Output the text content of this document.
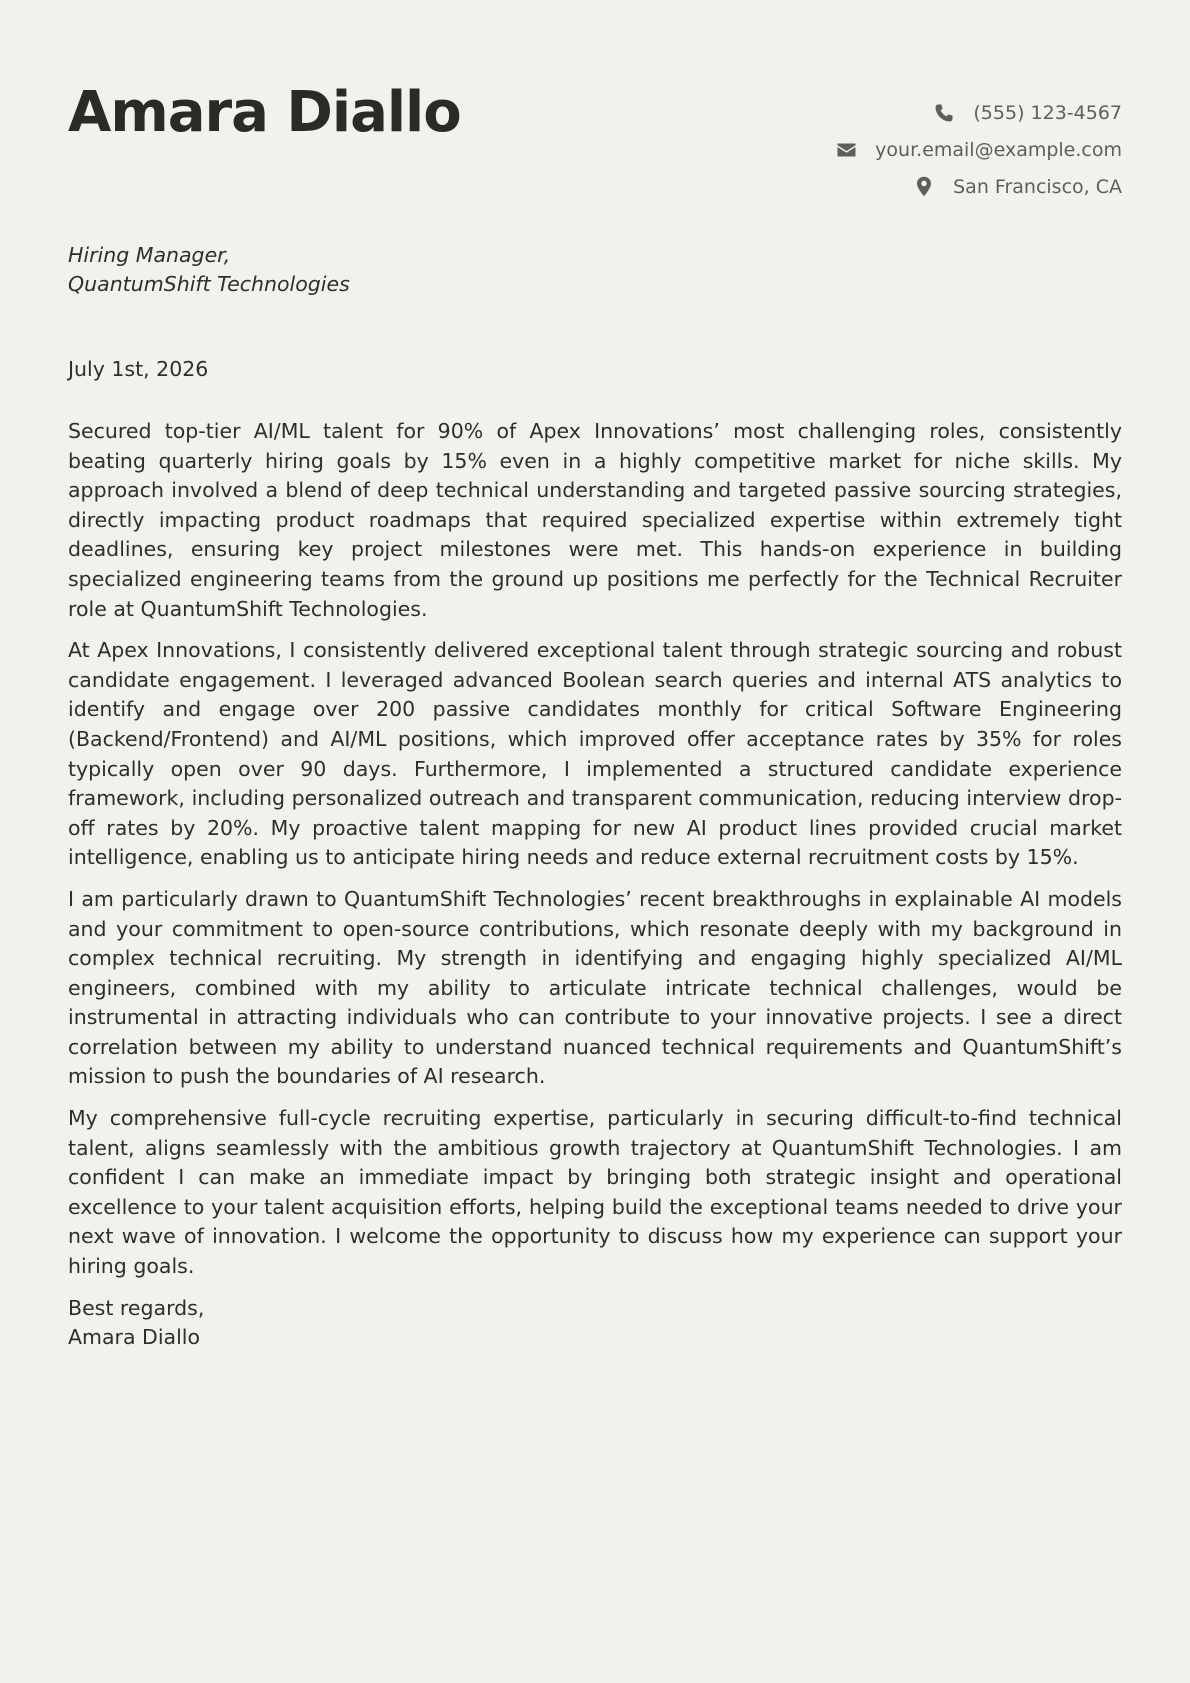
Amara Diallo	(555) 123-4567
your.email@example.com
San Francisco, CA
Hiring Manager,
QuantumShift Technologies
July 1st, 2026

Secured top-tier AI/ML talent for 90% of Apex Innovations’ most challenging roles, consistently beating quarterly hiring goals by 15% even in a highly competitive market for niche skills. My approach involved a blend of deep technical understanding and targeted passive sourcing strategies, directly impacting product roadmaps that required specialized expertise within extremely tight deadlines, ensuring key project milestones were met. This hands-on experience in building specialized engineering teams from the ground up positions me perfectly for the Technical Recruiter role at QuantumShift Technologies.

At Apex Innovations, I consistently delivered exceptional talent through strategic sourcing and robust candidate engagement. I leveraged advanced Boolean search queries and internal ATS analytics to identify and engage over 200 passive candidates monthly for critical Software Engineering (Backend/Frontend) and AI/ML positions, which improved offer acceptance rates by 35% for roles typically open over 90 days. Furthermore, I implemented a structured candidate experience framework, including personalized outreach and transparent communication, reducing interview drop-off rates by 20%. My proactive talent mapping for new AI product lines provided crucial market intelligence, enabling us to anticipate hiring needs and reduce external recruitment costs by 15%.

I am particularly drawn to QuantumShift Technologies’ recent breakthroughs in explainable AI models and your commitment to open-source contributions, which resonate deeply with my background in complex technical recruiting. My strength in identifying and engaging highly specialized AI/ML engineers, combined with my ability to articulate intricate technical challenges, would be instrumental in attracting individuals who can contribute to your innovative projects. I see a direct correlation between my ability to understand nuanced technical requirements and QuantumShift’s mission to push the boundaries of AI research.

My comprehensive full-cycle recruiting expertise, particularly in securing difficult-to-find technical talent, aligns seamlessly with the ambitious growth trajectory at QuantumShift Technologies. I am confident I can make an immediate impact by bringing both strategic insight and operational excellence to your talent acquisition efforts, helping build the exceptional teams needed to drive your next wave of innovation. I welcome the opportunity to discuss how my experience can support your hiring goals.

Best regards,
Amara Diallo
